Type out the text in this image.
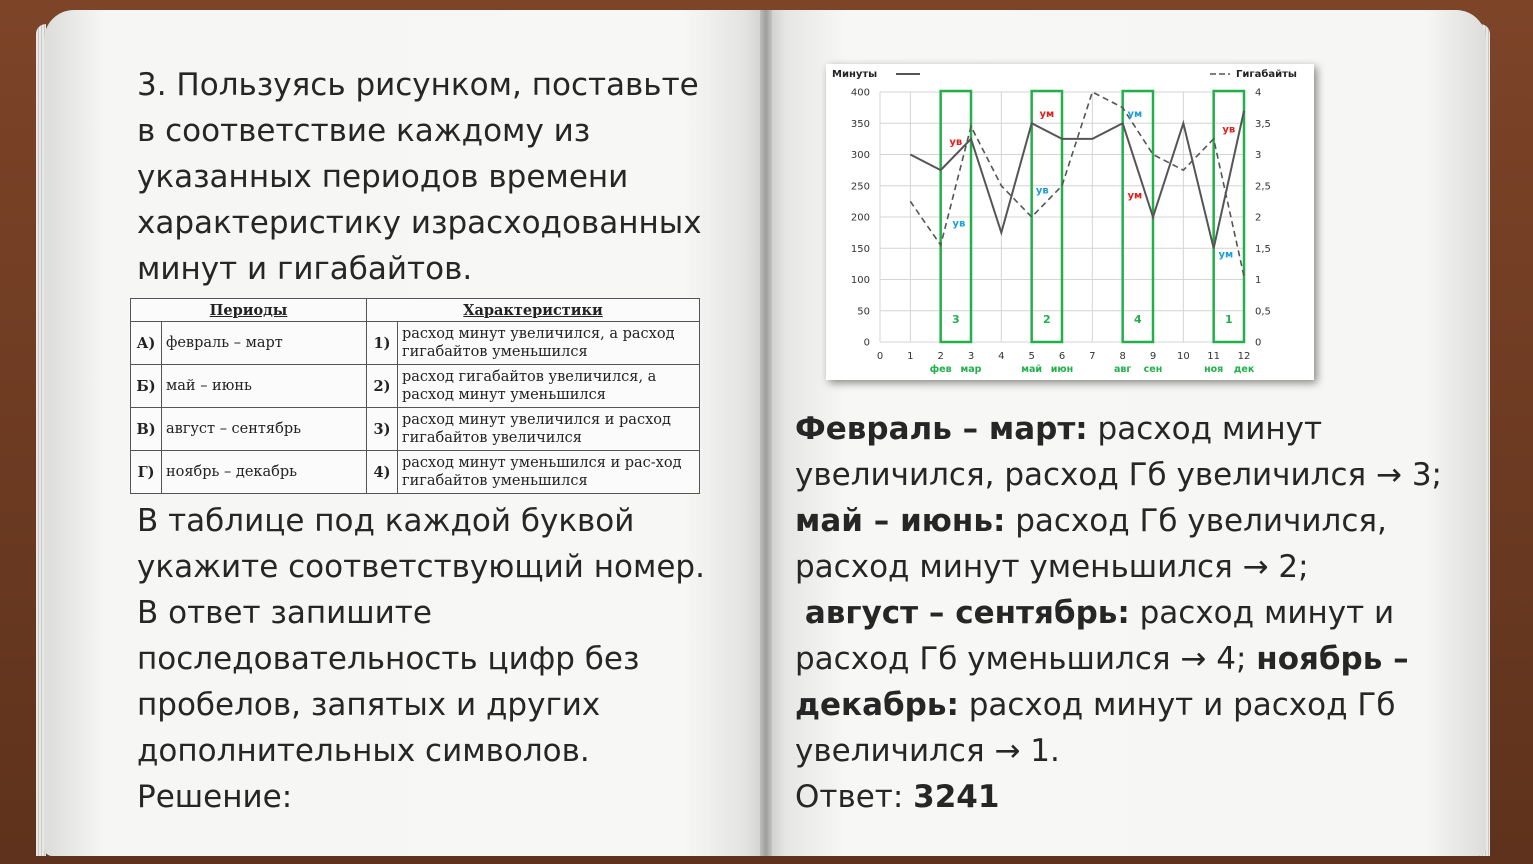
3. Пользуясь рисунком, поставьте в соответствие каждому из указанных периодов времени характеристику израсходованных минут и гигабайтов.
Периоды		Характеристики	
А)	февраль – март	1)	расход минут увеличился, а расход гигабайтов уменьшился
Б)	май – июнь	2)	расход гигабайтов увеличился, а расход минут уменьшился
В)	август – сентябрь	3)	расход минут увеличился и расход гигабайтов увеличился
Г)	ноябрь – декабрь	4)	расход минут уменьшился и рас-ход гигабайтов уменьшился
В таблице под каждой буквой укажите соответствующий номер.
В ответ запишите последовательность цифр без пробелов, запятых и других дополнительных символов.
Решение:
0
50
100
150
200
250
300
350
400
0
0,5
1
1,5
2
2,5
3
3,5
4
0 1 2 3 4 5 6 7 8 9 10 11 12
фев мар	май июн	авг сен	ноя дек
Минуты	Гигабайты
3	2	4	1
ув
ув
ум
ув
ум
ум
ув
ум
Февраль – март: расход минут увеличился, расход Гб увеличился → 3; май – июнь: расход Гб увеличился, расход минут уменьшился → 2;
август – сентябрь: расход минут и расход Гб уменьшился → 4; ноябрь – декабрь: расход минут и расход Гб увеличился → 1.
Ответ: 3241
